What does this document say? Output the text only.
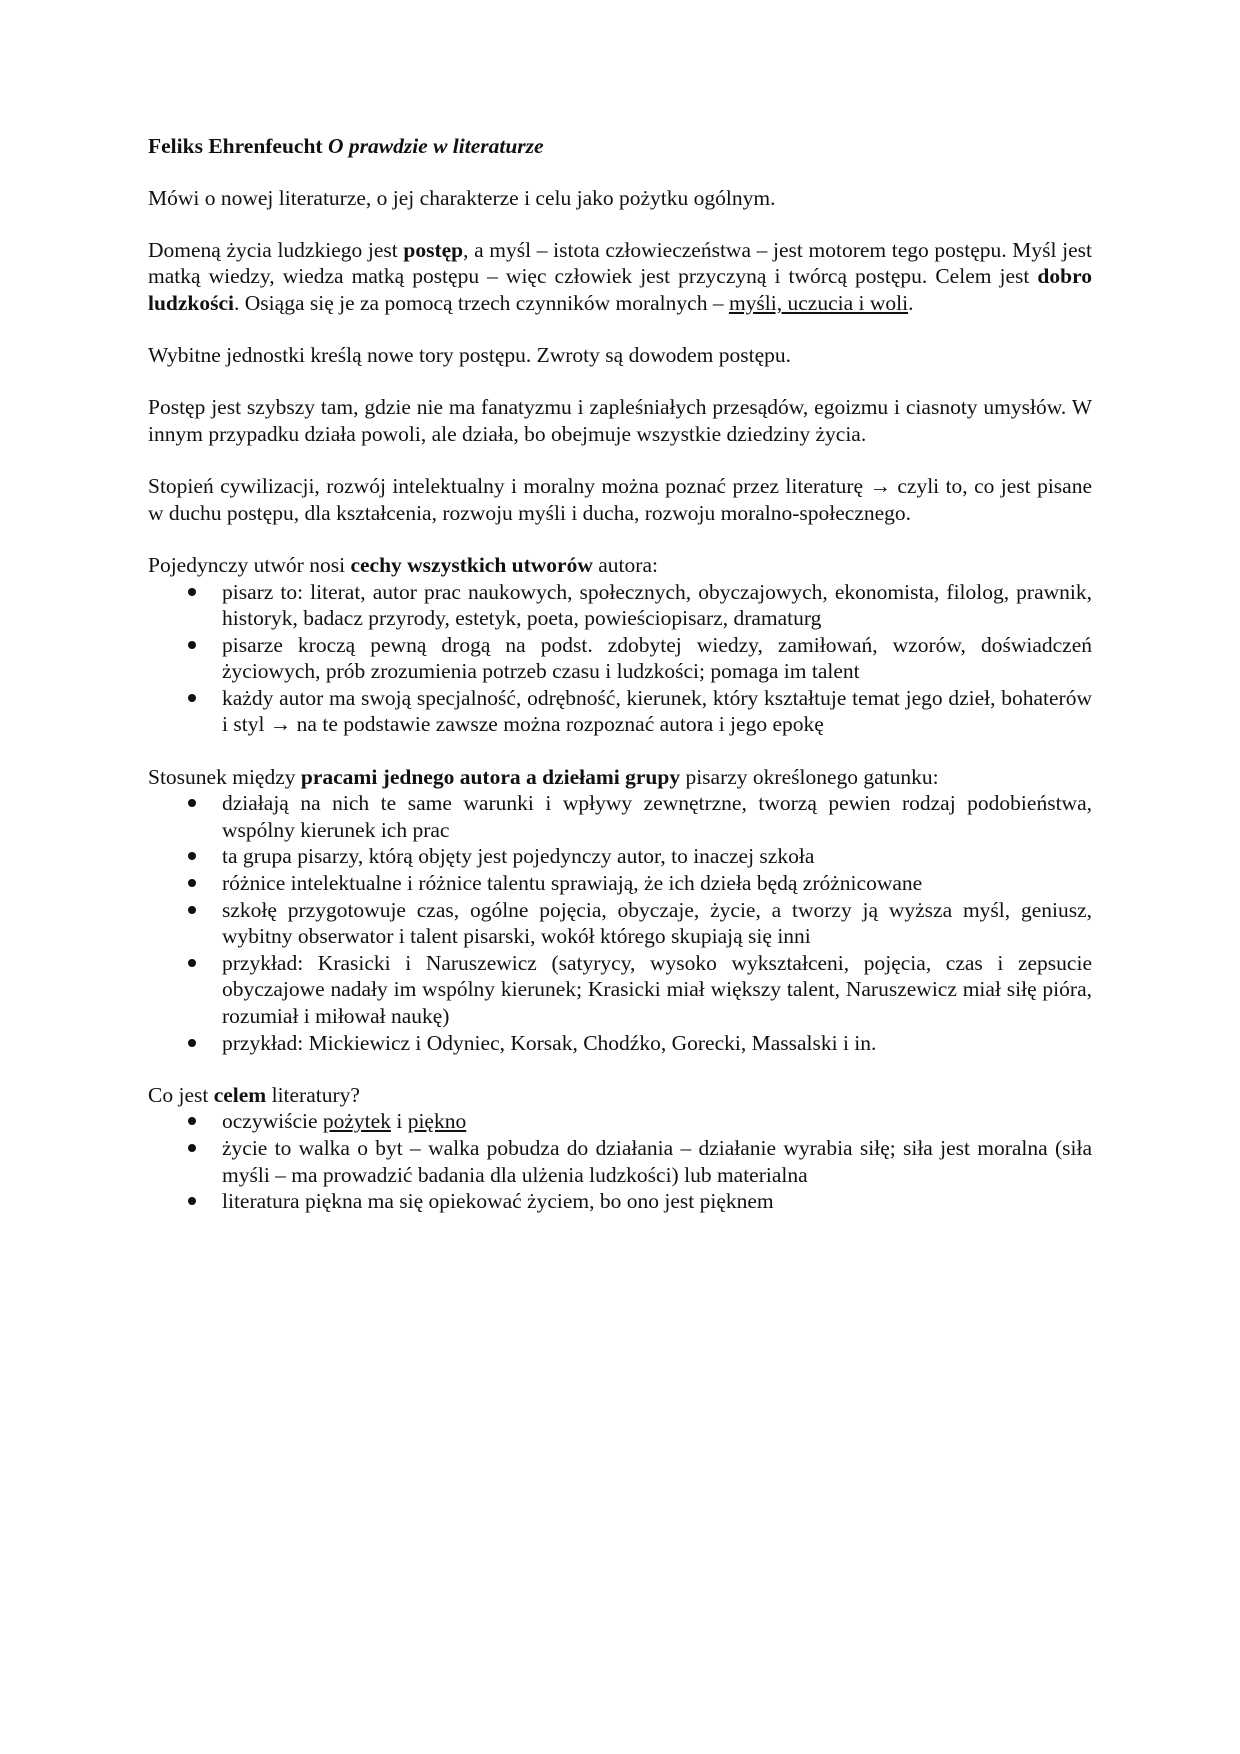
Feliks Ehrenfeucht O prawdzie w literaturze

Mówi o nowej literaturze, o jej charakterze i celu jako pożytku ogólnym.

Domeną życia ludzkiego jest postęp, a myśl – istota człowieczeństwa – jest motorem tego postępu. Myśl jest matką wiedzy, wiedza matką postępu – więc człowiek jest przyczyną i twórcą postępu. Celem jest dobro ludzkości. Osiąga się je za pomocą trzech czynników moralnych – myśli, uczucia i woli.

Wybitne jednostki kreślą nowe tory postępu. Zwroty są dowodem postępu.

Postęp jest szybszy tam, gdzie nie ma fanatyzmu i zapleśniałych przesądów, egoizmu i ciasnoty umysłów. W innym przypadku działa powoli, ale działa, bo obejmuje wszystkie dziedziny życia.

Stopień cywilizacji, rozwój intelektualny i moralny można poznać przez literaturę → czyli to, co jest pisane w duchu postępu, dla kształcenia, rozwoju myśli i ducha, rozwoju moralno-społecznego.

Pojedynczy utwór nosi cechy wszystkich utworów autora:

pisarz to: literat, autor prac naukowych, społecznych, obyczajowych, ekonomista, filolog, prawnik, historyk, badacz przyrody, estetyk, poeta, powieściopisarz, dramaturg
pisarze kroczą pewną drogą na podst. zdobytej wiedzy, zamiłowań, wzorów, doświadczeń życiowych, prób zrozumienia potrzeb czasu i ludzkości; pomaga im talent
każdy autor ma swoją specjalność, odrębność, kierunek, który kształtuje temat jego dzieł, bohaterów i styl → na te podstawie zawsze można rozpoznać autora i jego epokę

Stosunek między pracami jednego autora a dziełami grupy pisarzy określonego gatunku:

działają na nich te same warunki i wpływy zewnętrzne, tworzą pewien rodzaj podobieństwa, wspólny kierunek ich prac
ta grupa pisarzy, którą objęty jest pojedynczy autor, to inaczej szkoła
różnice intelektualne i różnice talentu sprawiają, że ich dzieła będą zróżnicowane
szkołę przygotowuje czas, ogólne pojęcia, obyczaje, życie, a tworzy ją wyższa myśl, geniusz, wybitny obserwator i talent pisarski, wokół którego skupiają się inni
przykład: Krasicki i Naruszewicz (satyrycy, wysoko wykształceni, pojęcia, czas i zepsucie obyczajowe nadały im wspólny kierunek; Krasicki miał większy talent, Naruszewicz miał siłę pióra, rozumiał i miłował naukę)
przykład: Mickiewicz i Odyniec, Korsak, Chodźko, Gorecki, Massalski i in.

Co jest celem literatury?

oczywiście pożytek i piękno
życie to walka o byt – walka pobudza do działania – działanie wyrabia siłę; siła jest moralna (siła myśli – ma prowadzić badania dla ulżenia ludzkości) lub materialna
literatura piękna ma się opiekować życiem, bo ono jest pięknem
